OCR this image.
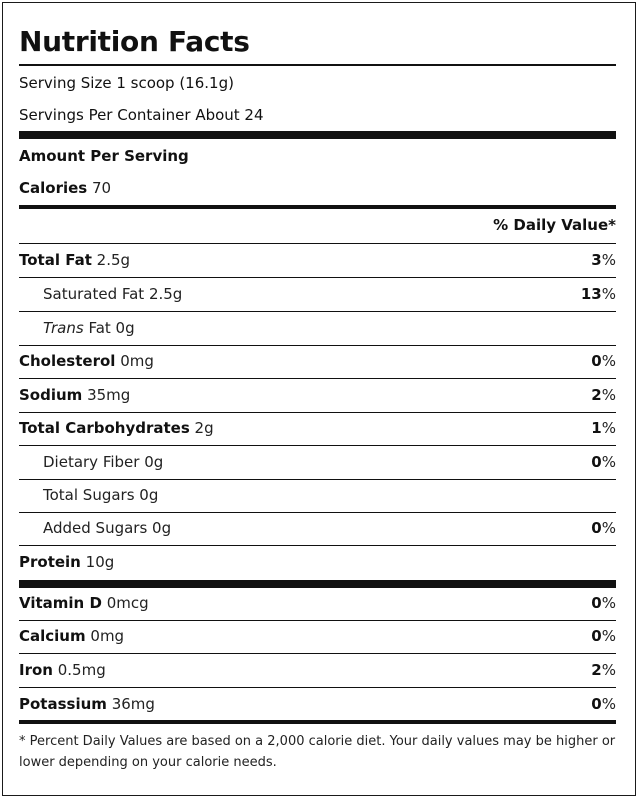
Nutrition Facts
Serving Size 1 scoop (16.1g)
Servings Per Container About 24
Amount Per Serving
Calories 70
% Daily Value*
Total Fat 2.5g	3%
Saturated Fat 2.5g	13%
Trans Fat 0g
Cholesterol 0mg	0%
Sodium 35mg	2%
Total Carbohydrates 2g	1%
Dietary Fiber 0g	0%
Total Sugars 0g
Added Sugars 0g	0%
Protein 10g
Vitamin D 0mcg	0%
Calcium 0mg	0%
Iron 0.5mg	2%
Potassium 36mg	0%
* Percent Daily Values are based on a 2,000 calorie diet. Your daily values may be higher or lower depending on your calorie needs.
